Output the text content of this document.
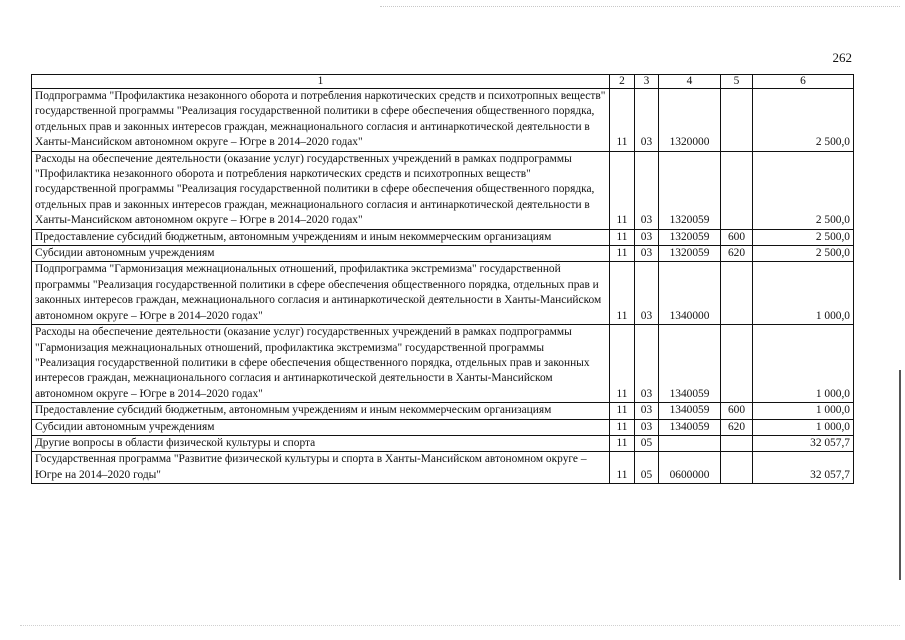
262
1	2	3	4	5	6
Подпрограмма "Профилактика незаконного оборота и потребления наркотических средств и психотропных веществ" государственной программы "Реализация государственной политики в сфере обеспечения общественного порядка, отдельных прав и законных интересов граждан, межнационального согласия и антинаркотической деятельности в Ханты-Мансийском автономном округе – Югре в 2014–2020 годах"	11	03	1320000		2 500,0
Расходы на обеспечение деятельности (оказание услуг) государственных учреждений в рамках подпрограммы "Профилактика незаконного оборота и потребления наркотических средств и психотропных веществ" государственной программы "Реализация государственной политики в сфере обеспечения общественного порядка, отдельных прав и законных интересов граждан, межнационального согласия и антинаркотической деятельности в Ханты-Мансийском автономном округе – Югре в 2014–2020 годах"	11	03	1320059		2 500,0
Предоставление субсидий бюджетным, автономным учреждениям и иным некоммерческим организациям	11	03	1320059	600	2 500,0
Субсидии автономным учреждениям	11	03	1320059	620	2 500,0
Подпрограмма "Гармонизация межнациональных отношений, профилактика экстремизма" государственной программы "Реализация государственной политики в сфере обеспечения общественного порядка, отдельных прав и законных интересов граждан, межнационального согласия и антинаркотической деятельности в Ханты-Мансийском автономном округе – Югре в 2014–2020 годах"	11	03	1340000		1 000,0
Расходы на обеспечение деятельности (оказание услуг) государственных учреждений в рамках подпрограммы "Гармонизация межнациональных отношений, профилактика экстремизма" государственной программы "Реализация государственной политики в сфере обеспечения общественного порядка, отдельных прав и законных интересов граждан, межнационального согласия и антинаркотической деятельности в Ханты-Мансийском автономном округе – Югре в 2014–2020 годах"	11	03	1340059		1 000,0
Предоставление субсидий бюджетным, автономным учреждениям и иным некоммерческим организациям	11	03	1340059	600	1 000,0
Субсидии автономным учреждениям	11	03	1340059	620	1 000,0
Другие вопросы в области физической культуры и спорта	11	05			32 057,7
Государственная программа "Развитие физической культуры и спорта в Ханты-Мансийском автономном округе – Югре на 2014–2020 годы"	11	05	0600000		32 057,7
